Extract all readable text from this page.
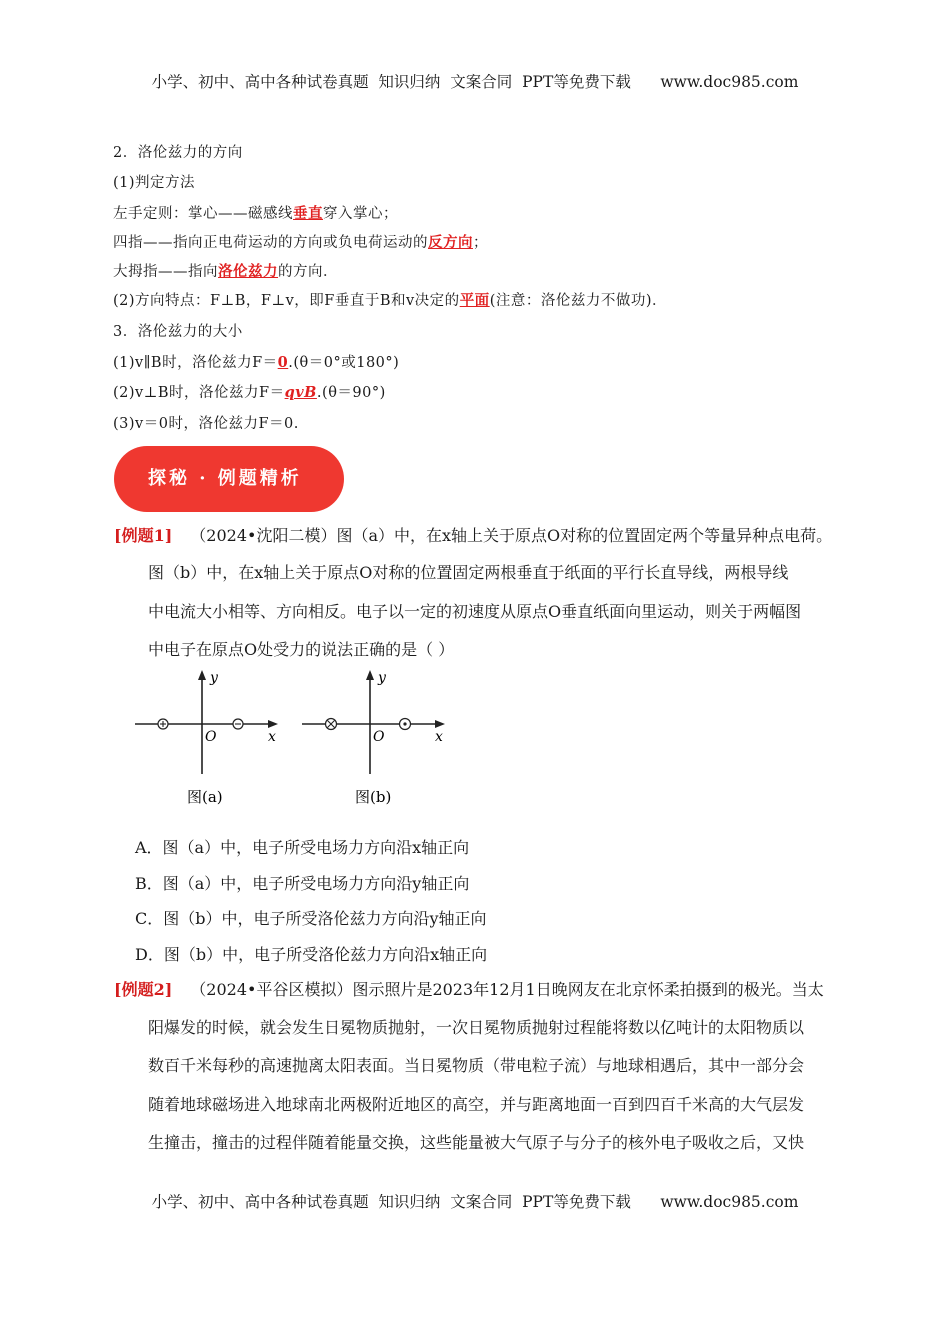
小学、初中、高中各种试卷真题  知识归纳  文案合同  PPT等免费下载      www.doc985.com
2．洛伦兹力的方向
(1)判定方法
左手定则：掌心——磁感线垂直穿入掌心；
四指——指向正电荷运动的方向或负电荷运动的反方向；
大拇指——指向洛伦兹力的方向．
(2)方向特点：F⊥B，F⊥v，即F垂直于B和v决定的平面(注意：洛伦兹力不做功)．
3．洛伦兹力的大小
(1)v∥B时，洛伦兹力F＝0.(θ＝0°或180°)
(2)v⊥B时，洛伦兹力F＝qvB.(θ＝90°)
(3)v＝0时，洛伦兹力F＝0.
探秘 · 例题精析
[例题1] （2024•沈阳二模）图（a）中，在x轴上关于原点O对称的位置固定两个等量异种点电荷。
图（b）中，在x轴上关于原点O对称的位置固定两根垂直于纸面的平行长直导线，两根导线
中电流大小相等、方向相反。电子以一定的初速度从原点O垂直纸面向里运动，则关于两幅图
中电子在原点O处受力的说法正确的是（ ）
y
x
O
图(a)
y
x
O
图(b)
A．图（a）中，电子所受电场力方向沿x轴正向
B．图（a）中，电子所受电场力方向沿y轴正向
C．图（b）中，电子所受洛伦兹力方向沿y轴正向
D．图（b）中，电子所受洛伦兹力方向沿x轴正向
[例题2] （2024•平谷区模拟）图示照片是2023年12月1日晚网友在北京怀柔拍摄到的极光。当太
阳爆发的时候，就会发生日冕物质抛射，一次日冕物质抛射过程能将数以亿吨计的太阳物质以
数百千米每秒的高速抛离太阳表面。当日冕物质（带电粒子流）与地球相遇后，其中一部分会
随着地球磁场进入地球南北两极附近地区的高空，并与距离地面一百到四百千米高的大气层发
生撞击，撞击的过程伴随着能量交换，这些能量被大气原子与分子的核外电子吸收之后，又快
小学、初中、高中各种试卷真题  知识归纳  文案合同  PPT等免费下载      www.doc985.com
